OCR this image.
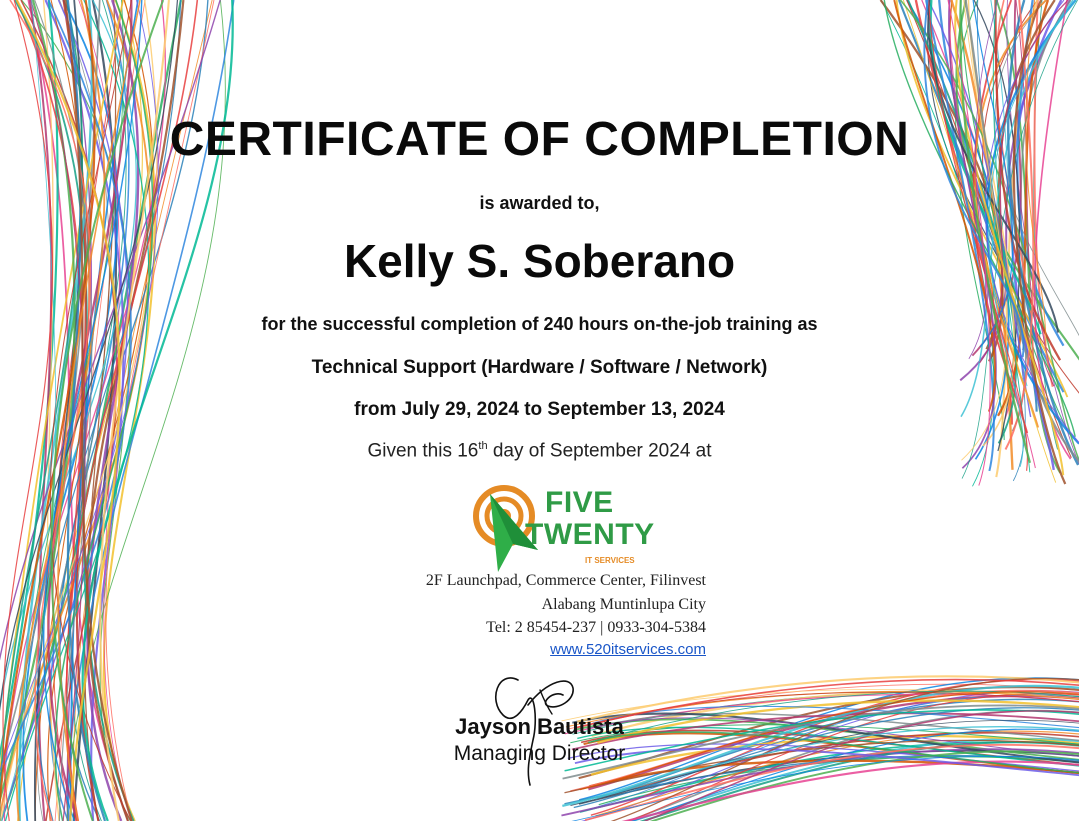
CERTIFICATE OF COMPLETION
is awarded to,
Kelly S. Soberano
for the successful completion of 240 hours on-the-job training as
Technical Support (Hardware / Software / Network)
from July 29, 2024 to September 13, 2024
Given this 16th day of September 2024 at
FIVE
TWENTY
IT SERVICES
2F Launchpad, Commerce Center, Filinvest
Alabang Muntinlupa City
Tel: 2 85454-237 | 0933-304-5384
www.520itservices.com
Jayson Bautista
Managing Director
